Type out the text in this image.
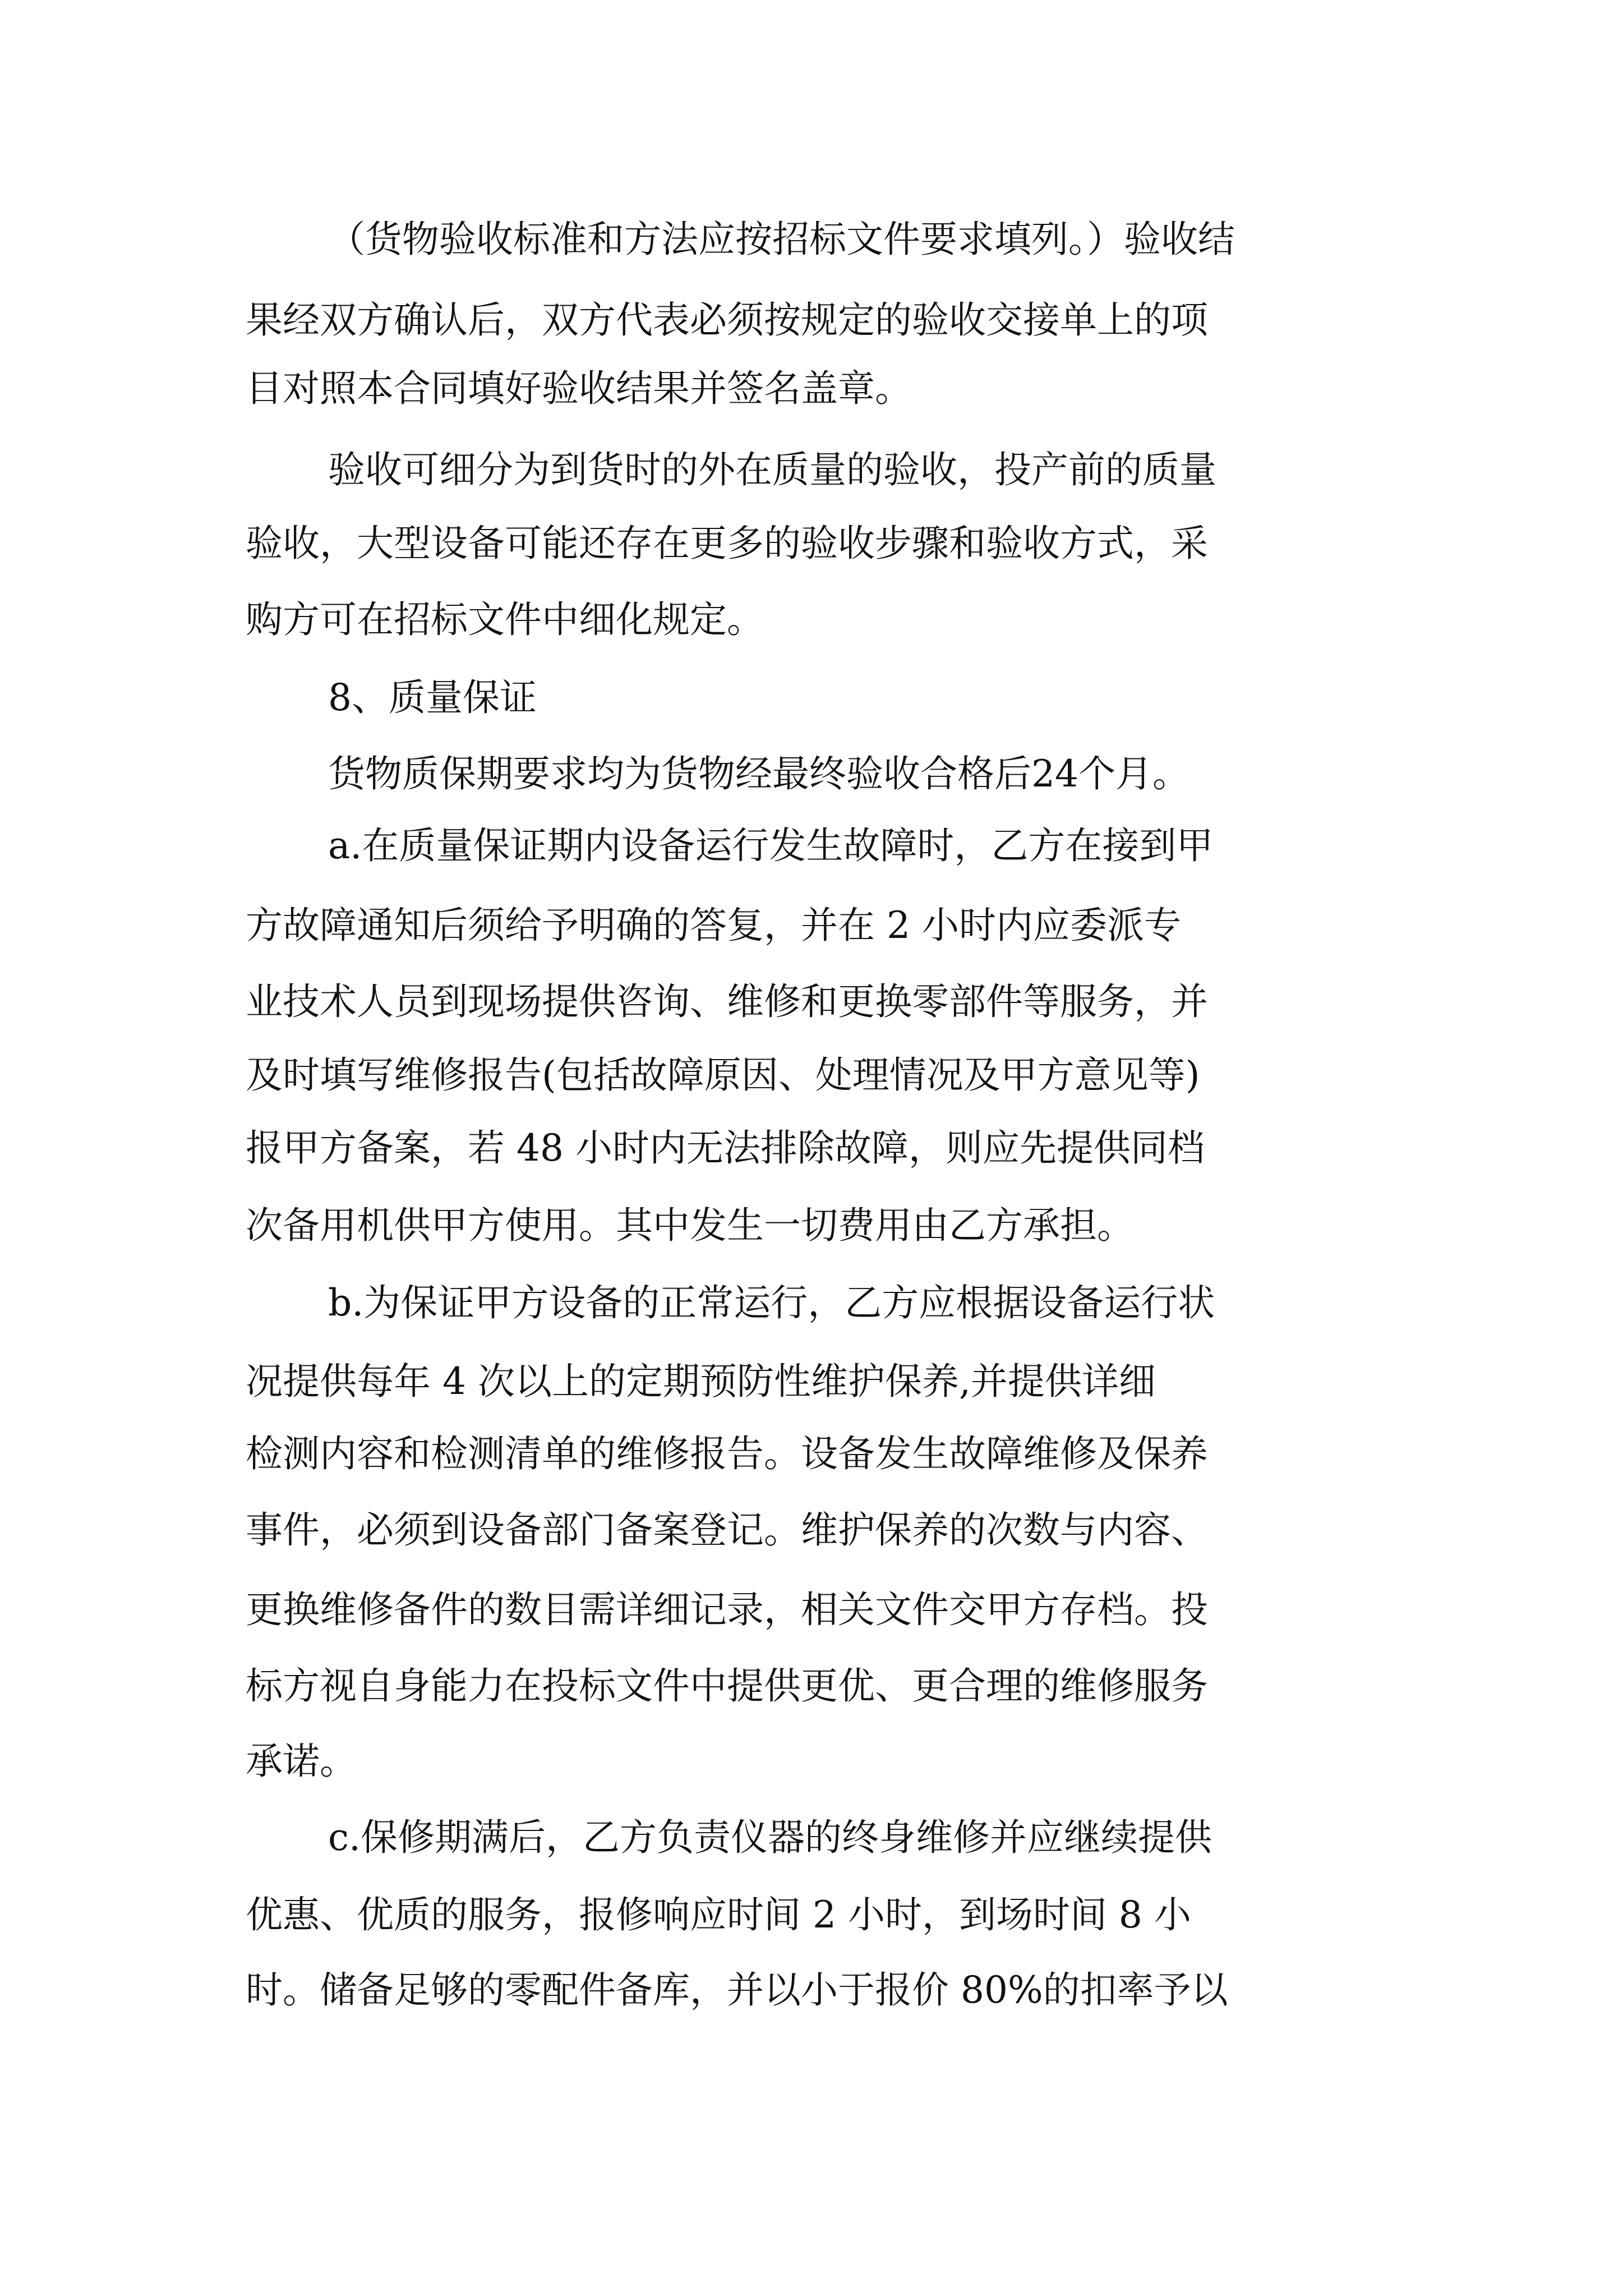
（货物验收标准和方法应按招标文件要求填列。）验收结
果经双方确认后，双方代表必须按规定的验收交接单上的项
目对照本合同填好验收结果并签名盖章。
验收可细分为到货时的外在质量的验收，投产前的质量
验收，大型设备可能还存在更多的验收步骤和验收方式，采
购方可在招标文件中细化规定。
8、质量保证
货物质保期要求均为货物经最终验收合格后24个月。
a.在质量保证期内设备运行发生故障时，乙方在接到甲
方故障通知后须给予明确的答复，并在 2 小时内应委派专
业技术人员到现场提供咨询、维修和更换零部件等服务，并
及时填写维修报告(包括故障原因、处理情况及甲方意见等)
报甲方备案，若 48 小时内无法排除故障，则应先提供同档
次备用机供甲方使用。其中发生一切费用由乙方承担。
b.为保证甲方设备的正常运行，乙方应根据设备运行状
况提供每年 4 次以上的定期预防性维护保养,并提供详细
检测内容和检测清单的维修报告。设备发生故障维修及保养
事件，必须到设备部门备案登记。维护保养的次数与内容、
更换维修备件的数目需详细记录，相关文件交甲方存档。投
标方视自身能力在投标文件中提供更优、更合理的维修服务
承诺。
c.保修期满后，乙方负责仪器的终身维修并应继续提供
优惠、优质的服务，报修响应时间 2 小时，到场时间 8 小
时。储备足够的零配件备库，并以小于报价 80%的扣率予以
